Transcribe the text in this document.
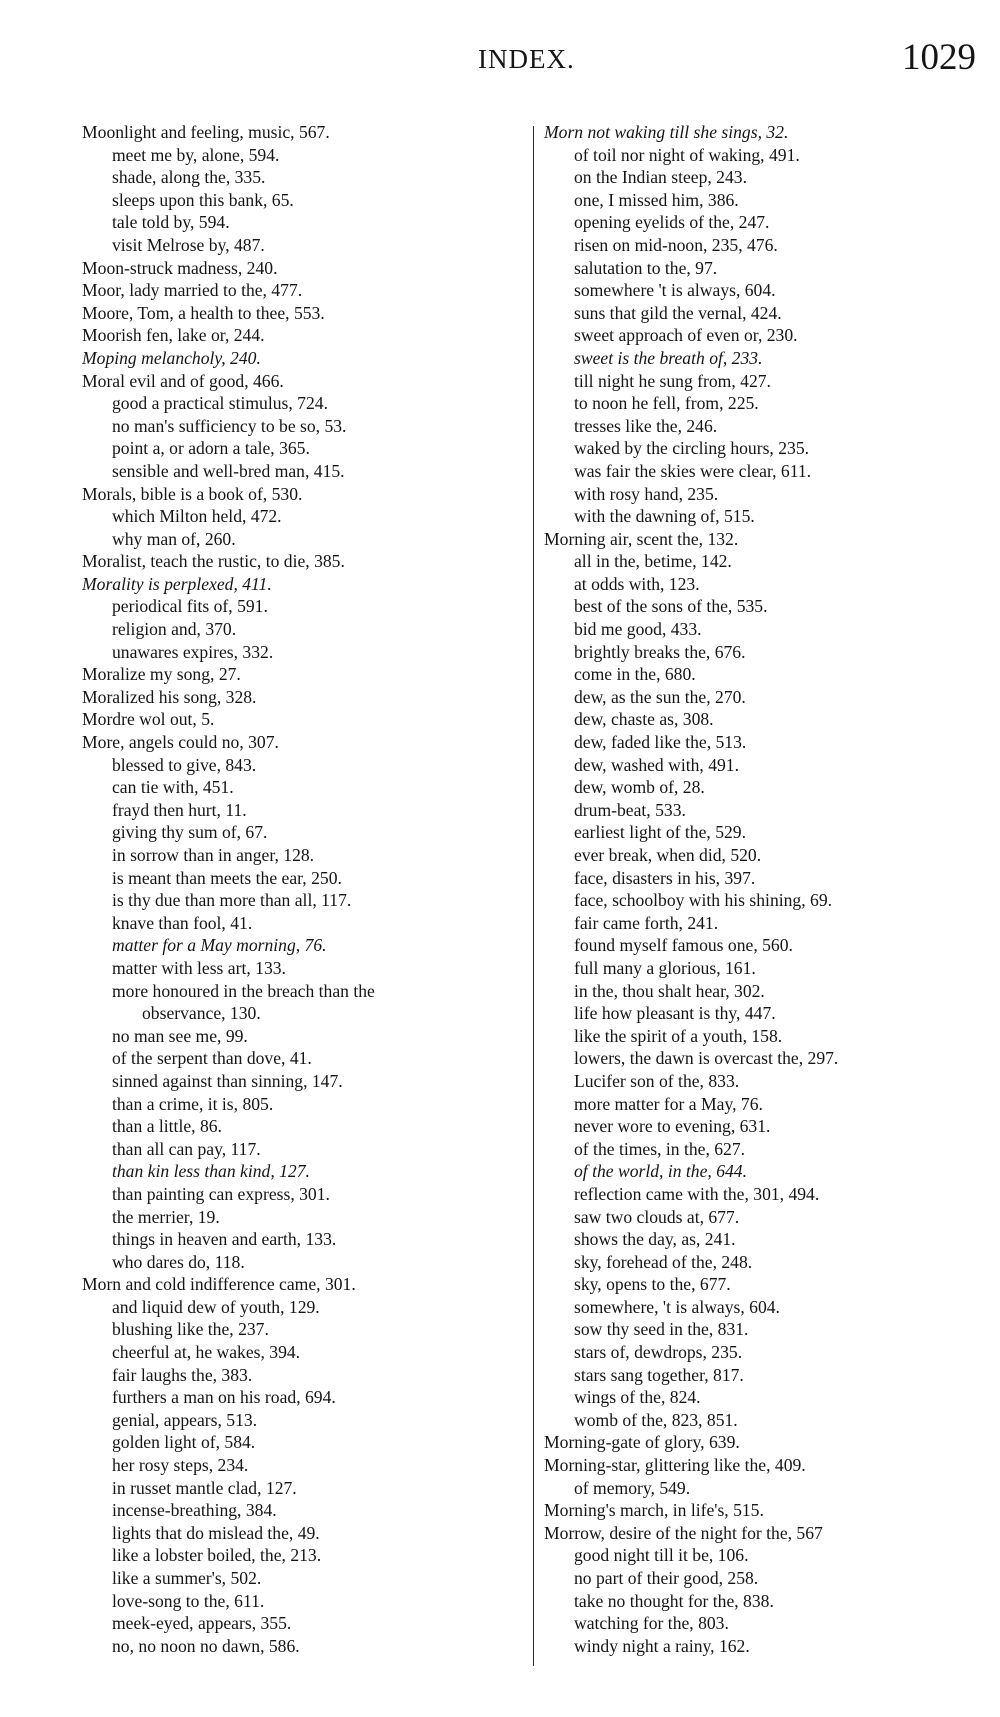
INDEX.	1029
Moonlight and feeling, music, 567.
meet me by, alone, 594.
shade, along the, 335.
sleeps upon this bank, 65.
tale told by, 594.
visit Melrose by, 487.
Moon-struck madness, 240.
Moor, lady married to the, 477.
Moore, Tom, a health to thee, 553.
Moorish fen, lake or, 244.
Moping melancholy, 240.
Moral evil and of good, 466.
good a practical stimulus, 724.
no man's sufficiency to be so, 53.
point a, or adorn a tale, 365.
sensible and well-bred man, 415.
Morals, bible is a book of, 530.
which Milton held, 472.
why man of, 260.
Moralist, teach the rustic, to die, 385.
Morality is perplexed, 411.
periodical fits of, 591.
religion and, 370.
unawares expires, 332.
Moralize my song, 27.
Moralized his song, 328.
Mordre wol out, 5.
More, angels could no, 307.
blessed to give, 843.
can tie with, 451.
frayd then hurt, 11.
giving thy sum of, 67.
in sorrow than in anger, 128.
is meant than meets the ear, 250.
is thy due than more than all, 117.
knave than fool, 41.
matter for a May morning, 76.
matter with less art, 133.
more honoured in the breach than the
observance, 130.
no man see me, 99.
of the serpent than dove, 41.
sinned against than sinning, 147.
than a crime, it is, 805.
than a little, 86.
than all can pay, 117.
than kin less than kind, 127.
than painting can express, 301.
the merrier, 19.
things in heaven and earth, 133.
who dares do, 118.
Morn and cold indifference came, 301.
and liquid dew of youth, 129.
blushing like the, 237.
cheerful at, he wakes, 394.
fair laughs the, 383.
furthers a man on his road, 694.
genial, appears, 513.
golden light of, 584.
her rosy steps, 234.
in russet mantle clad, 127.
incense-breathing, 384.
lights that do mislead the, 49.
like a lobster boiled, the, 213.
like a summer's, 502.
love-song to the, 611.
meek-eyed, appears, 355.
no, no noon no dawn, 586.
Morn not waking till she sings, 32.
of toil nor night of waking, 491.
on the Indian steep, 243.
one, I missed him, 386.
opening eyelids of the, 247.
risen on mid-noon, 235, 476.
salutation to the, 97.
somewhere 't is always, 604.
suns that gild the vernal, 424.
sweet approach of even or, 230.
sweet is the breath of, 233.
till night he sung from, 427.
to noon he fell, from, 225.
tresses like the, 246.
waked by the circling hours, 235.
was fair the skies were clear, 611.
with rosy hand, 235.
with the dawning of, 515.
Morning air, scent the, 132.
all in the, betime, 142.
at odds with, 123.
best of the sons of the, 535.
bid me good, 433.
brightly breaks the, 676.
come in the, 680.
dew, as the sun the, 270.
dew, chaste as, 308.
dew, faded like the, 513.
dew, washed with, 491.
dew, womb of, 28.
drum-beat, 533.
earliest light of the, 529.
ever break, when did, 520.
face, disasters in his, 397.
face, schoolboy with his shining, 69.
fair came forth, 241.
found myself famous one, 560.
full many a glorious, 161.
in the, thou shalt hear, 302.
life how pleasant is thy, 447.
like the spirit of a youth, 158.
lowers, the dawn is overcast the, 297.
Lucifer son of the, 833.
more matter for a May, 76.
never wore to evening, 631.
of the times, in the, 627.
of the world, in the, 644.
reflection came with the, 301, 494.
saw two clouds at, 677.
shows the day, as, 241.
sky, forehead of the, 248.
sky, opens to the, 677.
somewhere, 't is always, 604.
sow thy seed in the, 831.
stars of, dewdrops, 235.
stars sang together, 817.
wings of the, 824.
womb of the, 823, 851.
Morning-gate of glory, 639.
Morning-star, glittering like the, 409.
of memory, 549.
Morning's march, in life's, 515.
Morrow, desire of the night for the, 567
good night till it be, 106.
no part of their good, 258.
take no thought for the, 838.
watching for the, 803.
windy night a rainy, 162.
